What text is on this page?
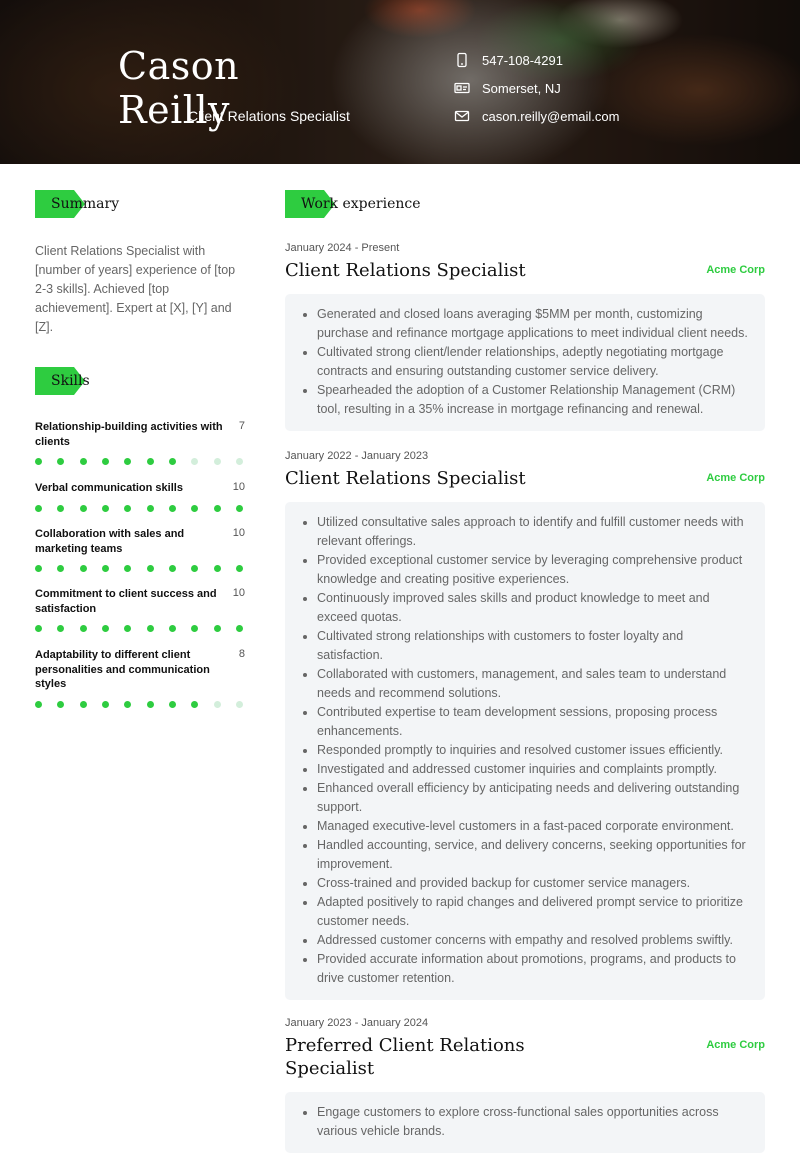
Cason Reilly
Client Relations Specialist
547-108-4291
Somerset, NJ
cason.reilly@email.com
Summary
Client Relations Specialist with [number of years] experience of [top 2-3 skills]. Achieved [top achievement]. Expert at [X], [Y] and [Z].
Skills
Relationship-building activities with clients
7
Verbal communication skills	10
Collaboration with sales and marketing teams
10
Commitment to client success and satisfaction
10
Adaptability to different client personalities and communication styles
8
Work experience
January 2024 - Present
Client Relations Specialist	Acme Corp
• Generated and closed loans averaging $5MM per month, customizing purchase and refinance mortgage applications to meet individual client needs.
• Cultivated strong client/lender relationships, adeptly negotiating mortgage contracts and ensuring outstanding customer service delivery.
• Spearheaded the adoption of a Customer Relationship Management (CRM) tool, resulting in a 35% increase in mortgage refinancing and renewal.
January 2022 - January 2023
Client Relations Specialist	Acme Corp
• Utilized consultative sales approach to identify and fulfill customer needs with relevant offerings.
• Provided exceptional customer service by leveraging comprehensive product knowledge and creating positive experiences.
• Continuously improved sales skills and product knowledge to meet and exceed quotas.
• Cultivated strong relationships with customers to foster loyalty and satisfaction.
• Collaborated with customers, management, and sales team to understand needs and recommend solutions.
• Contributed expertise to team development sessions, proposing process enhancements.
• Responded promptly to inquiries and resolved customer issues efficiently.
• Investigated and addressed customer inquiries and complaints promptly.
• Enhanced overall efficiency by anticipating needs and delivering outstanding support.
• Managed executive-level customers in a fast-paced corporate environment.
• Handled accounting, service, and delivery concerns, seeking opportunities for improvement.
• Cross-trained and provided backup for customer service managers.
• Adapted positively to rapid changes and delivered prompt service to prioritize customer needs.
• Addressed customer concerns with empathy and resolved problems swiftly.
• Provided accurate information about promotions, programs, and products to drive customer retention.
January 2023 - January 2024
Preferred Client Relations Specialist
Acme Corp
• Engage customers to explore cross-functional sales opportunities across various vehicle brands.
